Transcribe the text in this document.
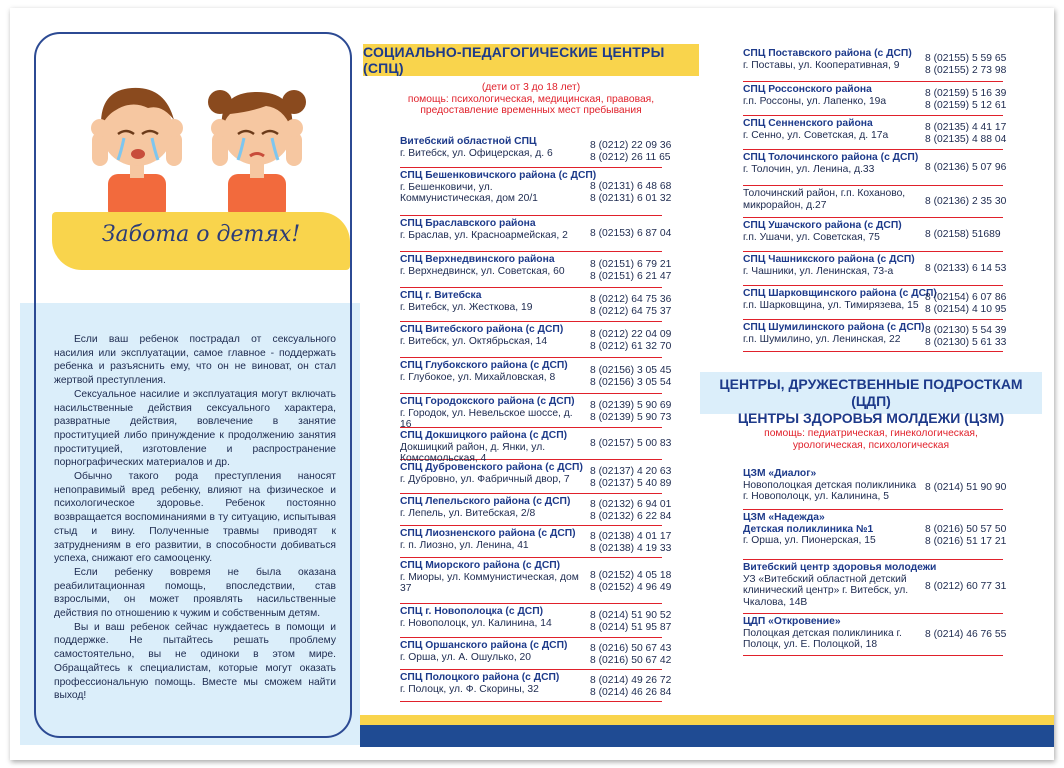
Забота о детях!

Если ваш ребенок пострадал от сексуального насилия или эксплуатации, самое главное - поддержать ребенка и разъяснить ему, что он не виноват, он стал жертвой преступления.

Сексуальное насилие и эксплуатация могут включать насильственные действия сексуального характера, развратные действия, вовлечение в занятие проституцией либо принуждение к продолжению занятия проституцией, изготовление и распространение порнографических материалов и др.

Обычно такого рода преступления наносят непоправимый вред ребенку, влияют на физическое и психологическое здоровье. Ребенок постоянно возвращается воспоминаниями в ту ситуацию, испытывая стыд и вину. Полученные травмы приводят к затруднениям в его развитии, в способности добиваться успеха, снижают его самооценку.

Если ребенку вовремя не была оказана реабилитационная помощь, впоследствии, став взрослыми, он может проявлять насильственные действия по отношению к чужим и собственным детям.

Вы и ваш ребенок сейчас нуждаетесь в помощи и поддержке. Не пытайтесь решать проблему самостоятельно, вы не одиноки в этом мире. Обращайтесь к специалистам, которые могут оказать профессиональную помощь. Вместе мы сможем найти выход!

СОЦИАЛЬНО-ПЕДАГОГИЧЕСКИЕ ЦЕНТРЫ (СПЦ)
(дети от 3 до 18 лет)
помощь: психологическая, медицинская, правовая,
предоставление временных мест пребывания
Витебский областной СПЦ
г. Витебск, ул. Офицерская, д. 6
8 (0212) 22 09 36
8 (0212) 26 11 65
СПЦ Бешенковичского района (с ДСП)
г. Бешенковичи, ул. Коммунистическая, дом 20/1
8 (02131) 6 48 68
8 (02131) 6 01 32
СПЦ Браславского района
г. Браслав, ул. Красноармейская, 2	8 (02153) 6 87 04
СПЦ Верхнедвинского района
г. Верхнедвинск, ул. Советская, 60
8 (02151) 6 79 21
8 (02151) 6 21 47
СПЦ г. Витебска
г. Витебск, ул. Жесткова, 19
8 (0212) 64 75 36
8 (0212) 64 75 37
СПЦ Витебского района (с ДСП)
г. Витебск, ул. Октябрьская, 14
8 (0212) 22 04 09
8 (0212) 61 32 70
СПЦ Глубокского района (с ДСП)
г. Глубокое, ул. Михайловская, 8
8 (02156) 3 05 45
8 (02156) 3 05 54
СПЦ Городокского района (с ДСП)
г. Городок, ул. Невельское шоссе, д. 16
8 (02139) 5 90 69
8 (02139) 5 90 73
СПЦ Докшицкого района (с ДСП)
Докшицкий район, д. Янки, ул. Комсомольская, 4
8 (02157) 5 00 83
СПЦ Дубровенского района (с ДСП)
г. Дубровно, ул. Фабричный двор, 7
8 (02137) 4 20 63
8 (02137) 5 40 89
СПЦ Лепельского района (с ДСП)
г. Лепель, ул. Витебская, 2/8
8 (02132) 6 94 01
8 (02132) 6 22 84
СПЦ Лиозненского района (с ДСП)
г. п. Лиозно, ул. Ленина, 41
8 (02138) 4 01 17
8 (02138) 4 19 33
СПЦ Миорского района (с ДСП)
г. Миоры, ул. Коммунистическая, дом 37
8 (02152) 4 05 18
8 (02152) 4 96 49
СПЦ г. Новополоцка (с ДСП)
г. Новополоцк, ул. Калинина, 14
8 (0214) 51 90 52
8 (0214) 51 95 87
СПЦ Оршанского района (с ДСП)
г. Орша, ул. А. Ошулько, 20
8 (0216) 50 67 43
8 (0216) 50 67 42
СПЦ Полоцкого района (с ДСП)
г. Полоцк, ул. Ф. Скорины, 32
8 (0214) 49 26 72
8 (0214) 46 26 84
СПЦ Поставского района (с ДСП)
г. Поставы, ул. Кооперативная, 9
8 (02155) 5 59 65
8 (02155) 2 73 98
СПЦ Россонского района
г.п. Россоны, ул. Лапенко, 19а
8 (02159) 5 16 39
8 (02159) 5 12 61
СПЦ Сенненского района
г. Сенно, ул. Советская, д. 17а
8 (02135) 4 41 17
8 (02135) 4 88 04
СПЦ Толочинского района (с ДСП)
г. Толочин, ул. Ленина, д.33	8 (02136) 5 07 96
Толочинский район, г.п. Коханово, микрорайон, д.27	8 (02136) 2 35 30
СПЦ Ушачского района (с ДСП)
г.п. Ушачи, ул. Советская, 75	8 (02158) 51689
СПЦ Чашникского района (с ДСП)
г. Чашники, ул. Ленинская, 73-а	8 (02133) 6 14 53
СПЦ Шарковщинского района (с ДСП)
г.п. Шарковщина, ул. Тимирязева, 15
8 (02154) 6 07 86
8 (02154) 4 10 95
СПЦ Шумилинского района (с ДСП)
г.п. Шумилино, ул. Ленинская, 22
8 (02130) 5 54 39
8 (02130) 5 61 33
ЦЕНТРЫ, ДРУЖЕСТВЕННЫЕ ПОДРОСТКАМ (ЦДП)
ЦЕНТРЫ ЗДОРОВЬЯ МОЛДЕЖИ (ЦЗМ)
помощь: педиатрическая, гинекологическая,
урологическая, психологическая
ЦЗМ «Диалог»
Новополоцкая детская поликлиника г. Новополоцк, ул. Калинина, 5
8 (0214) 51 90 90
ЦЗМ «Надежда»
Детская поликлиника №1
г. Орша, ул. Пионерская, 15
8 (0216) 50 57 50
8 (0216) 51 17 21
Витебский центр здоровья молодежи
УЗ «Витебский областной детский клинический центр» г. Витебск, ул. Чкалова, 14В
8 (0212) 60 77 31
ЦДП «Откровение»
Полоцкая детская поликлиника г. Полоцк, ул. Е. Полоцкой, 18
8 (0214) 46 76 55
